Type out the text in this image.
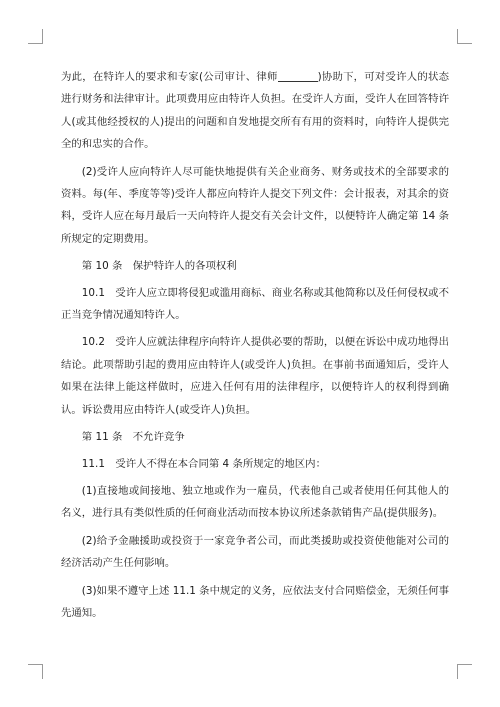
为此，在特许人的要求和专家(公司审计、律师	)协助下，可对受许人的状态进行财务和法律审计。此项费用应由特许人负担。在受许人方面，受许人在回答特许人(或其他经授权的人)提出的问题和自发地提交所有有用的资料时，向特许人提供完全的和忠实的合作。

(2)受许人应向特许人尽可能快地提供有关企业商务、财务或技术的全部要求的资料。每(年、季度等等)受许人都应向特许人提交下列文件：会计报表，对其余的资料，受许人应在每月最后一天向特许人提交有关会计文件，以便特许人确定第 14 条所规定的定期费用。

第 10 条　保护特许人的各项权利

10.1　受许人应立即将侵犯或滥用商标、商业名称或其他简称以及任何侵权或不正当竞争情况通知特许人。

10.2　受许人应就法律程序向特许人提供必要的帮助，以便在诉讼中成功地得出结论。此项帮助引起的费用应由特许人(或受许人)负担。在事前书面通知后，受许人如果在法律上能这样做时，应进入任何有用的法律程序，以便特许人的权利得到确认。诉讼费用应由特许人(或受许人)负担。

第 11 条　不允许竞争

11.1　受许人不得在本合同第 4 条所规定的地区内：

(1)直接地或间接地、独立地或作为一雇员，代表他自己或者使用任何其他人的名义，进行具有类似性质的任何商业活动而按本协议所述条款销售产品(提供服务)。

(2)给予金融援助或投资于一家竞争者公司，而此类援助或投资使他能对公司的经济活动产生任何影响。

(3)如果不遵守上述 11.1 条中规定的义务，应依法支付合同赔偿金，无须任何事先通知。
